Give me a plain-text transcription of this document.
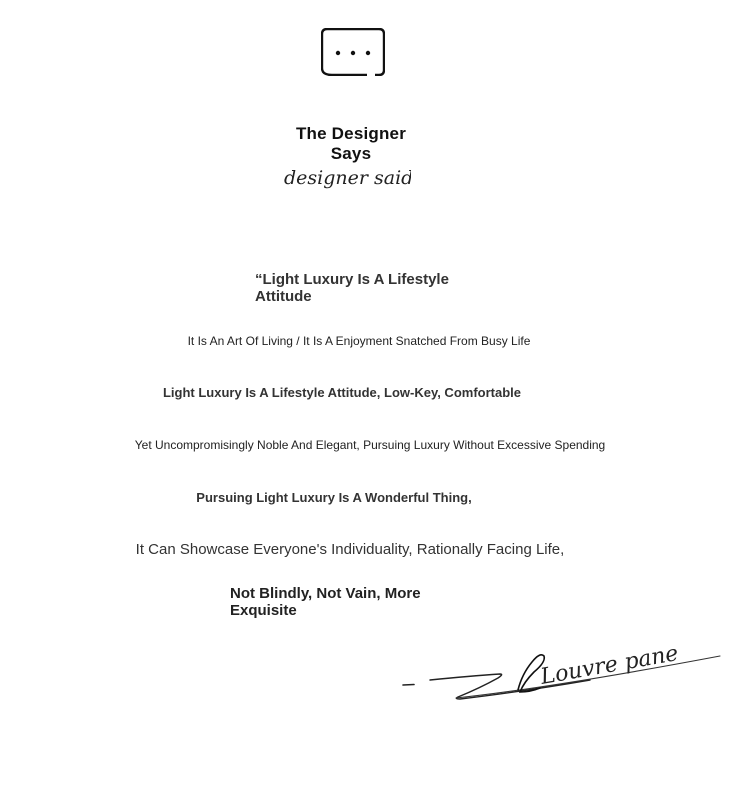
The Designer Says
designer said
“Light Luxury Is A Lifestyle Attitude
It Is An Art Of Living / It Is A Enjoyment Snatched From Busy Life
Light Luxury Is A Lifestyle Attitude, Low-Key, Comfortable
Yet Uncompromisingly Noble And Elegant, Pursuing Luxury Without Excessive Spending
Pursuing Light Luxury Is A Wonderful Thing,
It Can Showcase Everyone's Individuality, Rationally Facing Life,
Not Blindly, Not Vain, More Exquisite
Louvre pane
